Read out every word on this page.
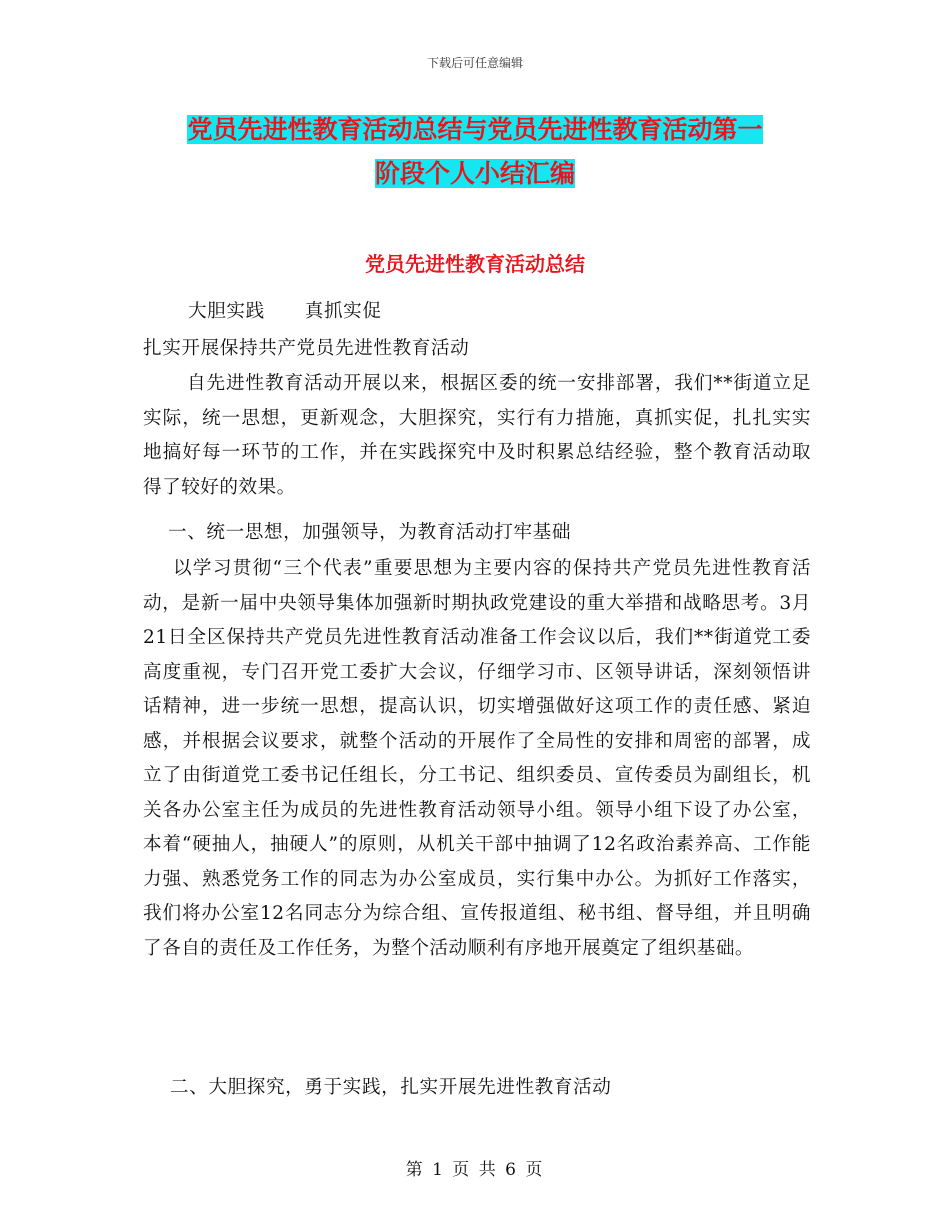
下载后可任意编辑
党员先进性教育活动总结与党员先进性教育活动第一
阶段个人小结汇编
党员先进性教育活动总结
大胆实践 真抓实促
扎实开展保持共产党员先进性教育活动
自先进性教育活动开展以来，根据区委的统一安排部署，我们**街道立足实际，统一思想，更新观念，大胆探究，实行有力措施，真抓实促，扎扎实实地搞好每一环节的工作，并在实践探究中及时积累总结经验，整个教育活动取得了较好的效果。
一、统一思想，加强领导，为教育活动打牢基础
以学习贯彻“三个代表”重要思想为主要内容的保持共产党员先进性教育活动，是新一届中央领导集体加强新时期执政党建设的重大举措和战略思考。3月21日全区保持共产党员先进性教育活动准备工作会议以后，我们**街道党工委高度重视，专门召开党工委扩大会议，仔细学习市、区领导讲话，深刻领悟讲话精神，进一步统一思想，提高认识，切实增强做好这项工作的责任感、紧迫感，并根据会议要求，就整个活动的开展作了全局性的安排和周密的部署，成立了由街道党工委书记任组长，分工书记、组织委员、宣传委员为副组长，机关各办公室主任为成员的先进性教育活动领导小组。领导小组下设了办公室，本着“硬抽人，抽硬人”的原则，从机关干部中抽调了12名政治素养高、工作能力强、熟悉党务工作的同志为办公室成员，实行集中办公。为抓好工作落实，我们将办公室12名同志分为综合组、宣传报道组、秘书组、督导组，并且明确了各自的责任及工作任务，为整个活动顺利有序地开展奠定了组织基础。
二、大胆探究，勇于实践，扎实开展先进性教育活动
第 1 页 共 6 页
